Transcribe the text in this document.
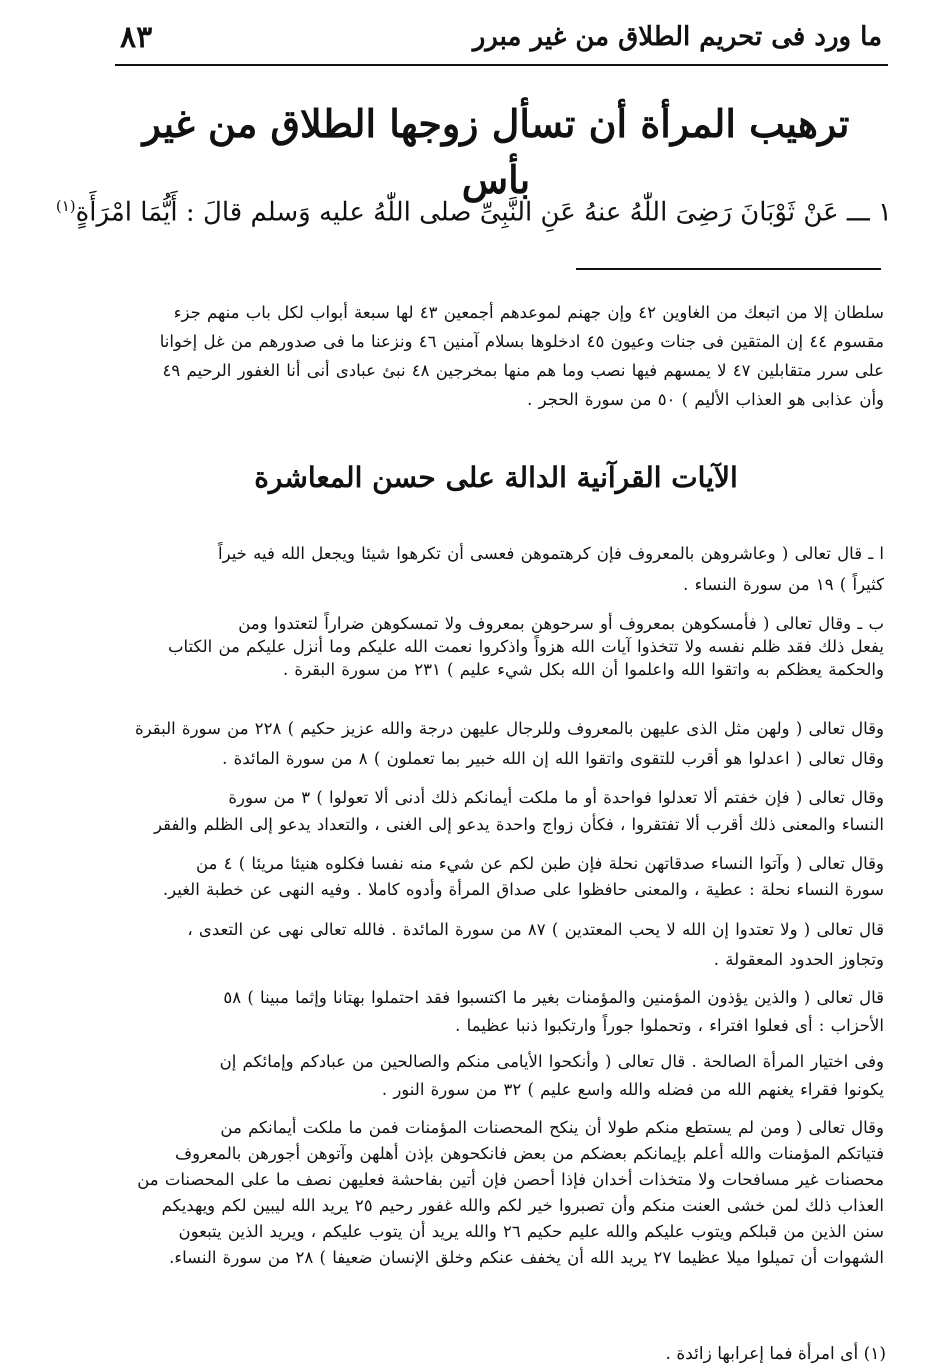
ما ورد فى تحريم الطلاق من غير مبرر
٨٣
ترهيب المرأة أن تسأل زوجها الطلاق من غير بأس
١ ـــ عَنْ ثَوْبَانَ رَضِىَ اللّٰهُ عنهُ عَنِ النَّبِىِّ صلى اللّٰهُ عليه وَسلم قالَ : أَيُّمَا امْرَأَةٍ$^{(١)}$
سلطان إلا من اتبعك من الغاوين ٤٢ وإن جهنم لموعدهم أجمعين ٤٣ لها سبعة أبواب لكل باب منهم جزء
مقسوم ٤٤ إن المتقين فى جنات وعيون ٤٥ ادخلوها بسلام آمنين ٤٦ ونزعنا ما فى صدورهم من غل إخوانا
على سرر متقابلين ٤٧ لا يمسهم فيها نصب وما هم منها بمخرجين ٤٨ نبئ عبادى أنى أنا الغفور الرحيم ٤٩
وأن عذابى هو العذاب الأليم ) ٥٠ من سورة الحجر .
الآيات القرآنية الدالة على حسن المعاشرة
ا ـ قال تعالى ( وعاشروهن بالمعروف فإن كرهتموهن فعسى أن تكرهوا شيئا ويجعل الله فيه خيراً
كثيراً ) ١٩ من سورة النساء .
ب ـ وقال تعالى ( فأمسكوهن بمعروف أو سرحوهن بمعروف ولا تمسكوهن ضراراً لتعتدوا ومن
يفعل ذلك فقد ظلم نفسه ولا تتخذوا آيات الله هزواً واذكروا نعمت الله عليكم وما أنزل عليكم من الكتاب
والحكمة يعظكم به واتقوا الله واعلموا أن الله بكل شيء عليم ) ٢٣١ من سورة البقرة .
وقال تعالى ( ولهن مثل الذى عليهن بالمعروف وللرجال عليهن درجة والله عزيز حكيم ) ٢٢٨ من سورة البقرة
وقال تعالى ( اعدلوا هو أقرب للتقوى واتقوا الله إن الله خبير بما تعملون ) ٨ من سورة المائدة .
وقال تعالى ( فإن خفتم ألا تعدلوا فواحدة أو ما ملكت أيمانكم ذلك أدنى ألا تعولوا ) ٣ من سورة
النساء والمعنى ذلك أقرب ألا تفتقروا ، فكأن زواج واحدة يدعو إلى الغنى ، والتعداد يدعو إلى الظلم والفقر
وقال تعالى ( وآتوا النساء صدقاتهن نحلة فإن طبن لكم عن شيء منه نفسا فكلوه هنيئا مريئا ) ٤ من
سورة النساء نحلة : عطية ، والمعنى حافظوا على صداق المرأة وأدوه كاملا . وفيه النهى عن خطبة الغير.
قال تعالى ( ولا تعتدوا إن الله لا يحب المعتدين ) ٨٧ من سورة المائدة . فالله تعالى نهى عن التعدى ،
وتجاوز الحدود المعقولة .
قال تعالى ( والذين يؤذون المؤمنين والمؤمنات بغير ما اكتسبوا فقد احتملوا بهتانا وإثما مبينا ) ٥٨
الأحزاب : أى فعلوا افتراء ، وتحملوا جوراً وارتكبوا ذنبا عظيما .
وفى اختيار المرأة الصالحة . قال تعالى ( وأنكحوا الأيامى منكم والصالحين من عبادكم وإمائكم إن
يكونوا فقراء يغنهم الله من فضله والله واسع عليم ) ٣٢ من سورة النور .
وقال تعالى ( ومن لم يستطع منكم طولا أن ينكح المحصنات المؤمنات فمن ما ملكت أيمانكم من
فتياتكم المؤمنات والله أعلم بإيمانكم بعضكم من بعض فانكحوهن بإذن أهلهن وآتوهن أجورهن بالمعروف
محصنات غير مسافحات ولا متخذات أخدان فإذا أحصن فإن أتين بفاحشة فعليهن نصف ما على المحصنات من
العذاب ذلك لمن خشى العنت منكم وأن تصبروا خير لكم والله غفور رحيم ٢٥ يريد الله ليبين لكم ويهديكم
سنن الذين من قبلكم ويتوب عليكم والله عليم حكيم ٢٦ والله يريد أن يتوب عليكم ، ويريد الذين يتبعون
الشهوات أن تميلوا ميلا عظيما ٢٧ يريد الله أن يخفف عنكم وخلق الإنسان ضعيفا ) ٢٨ من سورة النساء.
(١) أى امرأة فما إعرابها زائدة .
